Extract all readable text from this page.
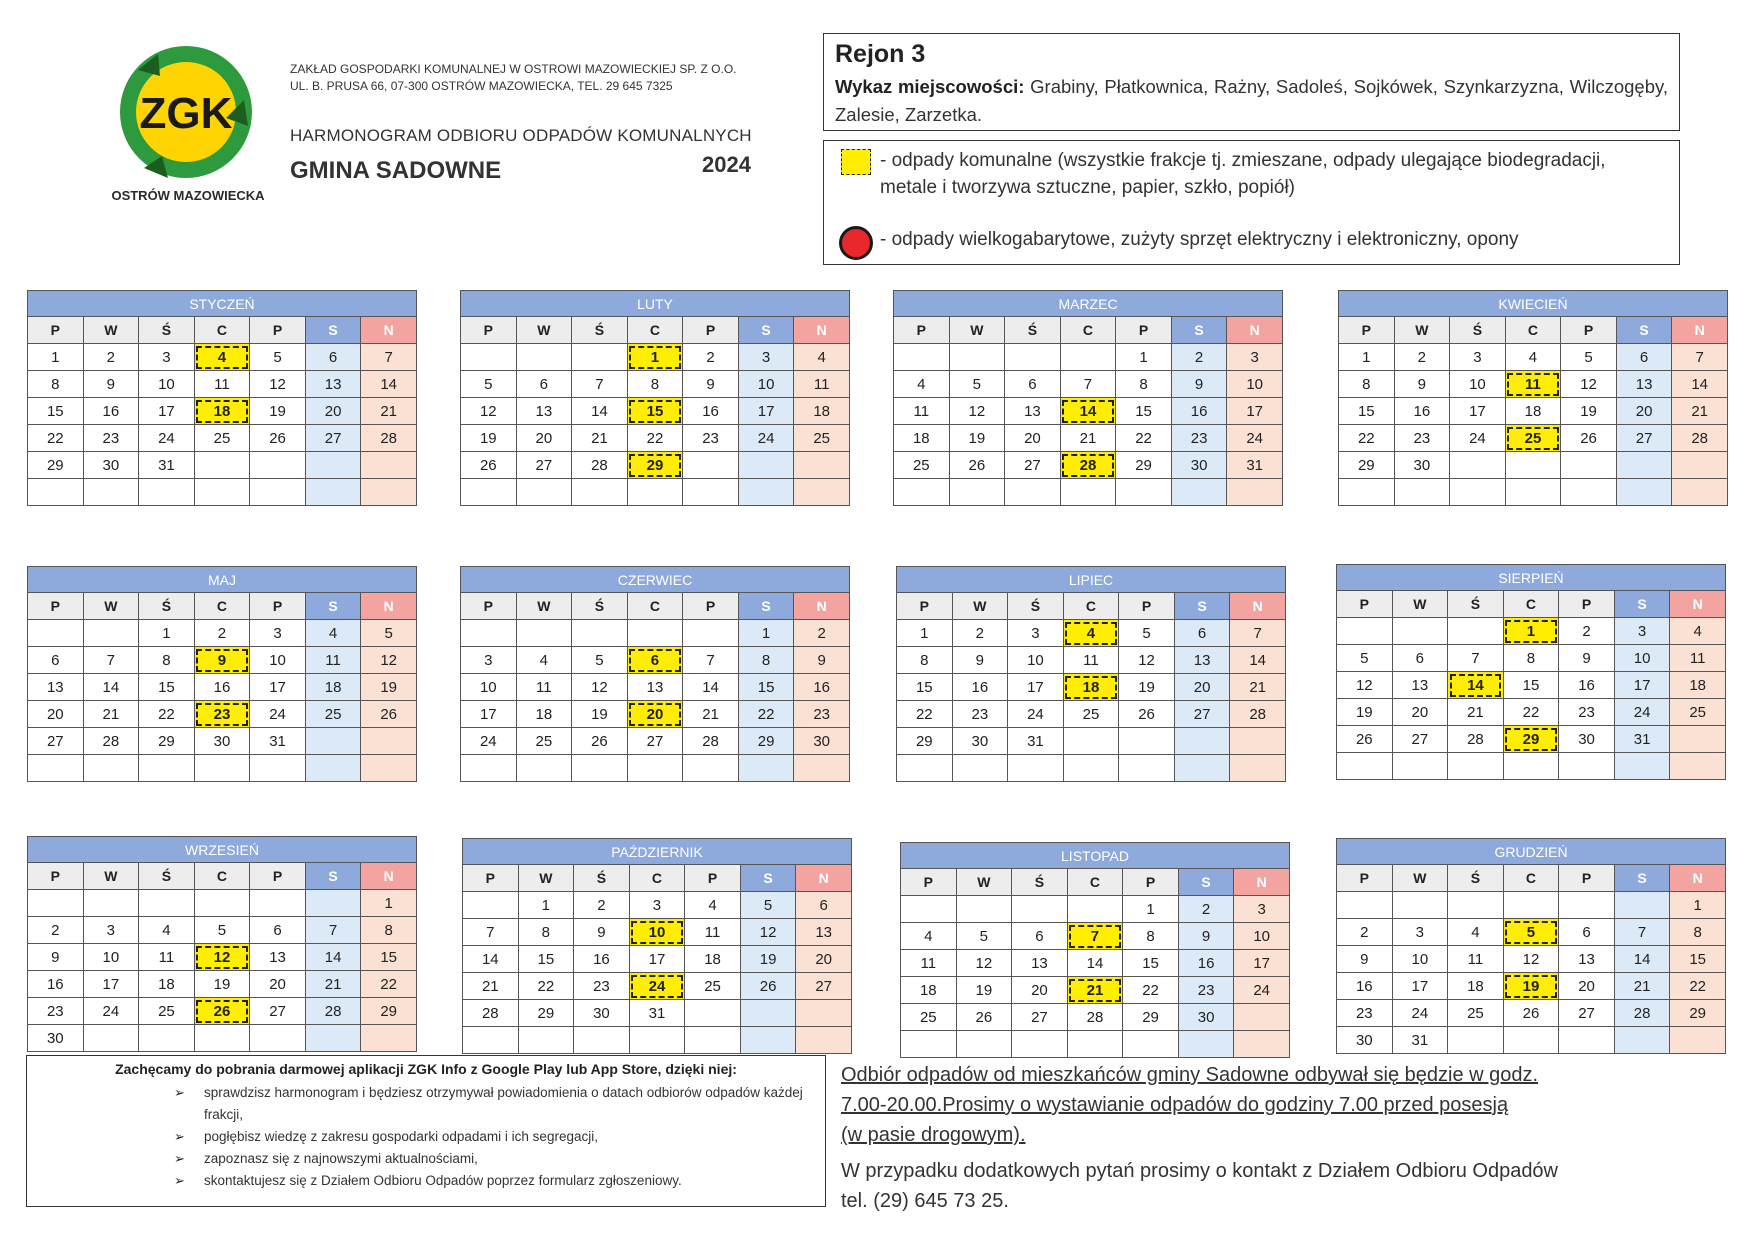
ZGK
OSTRÓW MAZOWIECKA
ZAKŁAD GOSPODARKI KOMUNALNEJ W OSTROWI MAZOWIECKIEJ SP. Z O.O.
UL. B. PRUSA 66, 07-300 OSTRÓW MAZOWIECKA, TEL. 29 645 7325
HARMONOGRAM ODBIORU ODPADÓW KOMUNALNYCH
GMINA SADOWNE	2024
Rejon 3
Wykaz miejscowości: Grabiny, Płatkownica, Rażny, Sadoleś, Sojkówek, Szynkarzyzna, Wilczogęby, Zalesie, Zarzetka.
- odpady komunalne (wszystkie frakcje tj. zmieszane, odpady ulegające biodegradacji, metale i tworzywa sztuczne, papier, szkło, popiół)
- odpady wielkogabarytowe, zużyty sprzęt elektryczny i elektroniczny, opony
STYCZEŃ
P	W	Ś	C	P	S	N
1	2	3	4	5	6	7
8	9	10	11	12	13	14
15	16	17	18	19	20	21
22	23	24	25	26	27	28
29	30	31				

LUTY
P	W	Ś	C	P	S	N
			1	2	3	4
5	6	7	8	9	10	11
12	13	14	15	16	17	18
19	20	21	22	23	24	25
26	27	28	29			

MARZEC
P	W	Ś	C	P	S	N
				1	2	3
4	5	6	7	8	9	10
11	12	13	14	15	16	17
18	19	20	21	22	23	24
25	26	27	28	29	30	31

KWIECIEŃ
P	W	Ś	C	P	S	N
1	2	3	4	5	6	7
8	9	10	11	12	13	14
15	16	17	18	19	20	21
22	23	24	25	26	27	28
29	30					

MAJ
P	W	Ś	C	P	S	N
		1	2	3	4	5
6	7	8	9	10	11	12
13	14	15	16	17	18	19
20	21	22	23	24	25	26
27	28	29	30	31		

CZERWIEC
P	W	Ś	C	P	S	N
					1	2
3	4	5	6	7	8	9
10	11	12	13	14	15	16
17	18	19	20	21	22	23
24	25	26	27	28	29	30

LIPIEC
P	W	Ś	C	P	S	N
1	2	3	4	5	6	7
8	9	10	11	12	13	14
15	16	17	18	19	20	21
22	23	24	25	26	27	28
29	30	31				

SIERPIEŃ
P	W	Ś	C	P	S	N
			1	2	3	4
5	6	7	8	9	10	11
12	13	14	15	16	17	18
19	20	21	22	23	24	25
26	27	28	29	30	31	

WRZESIEŃ
P	W	Ś	C	P	S	N
						1
2	3	4	5	6	7	8
9	10	11	12	13	14	15
16	17	18	19	20	21	22
23	24	25	26	27	28	29
30						
PAŹDZIERNIK
P	W	Ś	C	P	S	N
	1	2	3	4	5	6
7	8	9	10	11	12	13
14	15	16	17	18	19	20
21	22	23	24	25	26	27
28	29	30	31			

LISTOPAD
P	W	Ś	C	P	S	N
				1	2	3
4	5	6	7	8	9	10
11	12	13	14	15	16	17
18	19	20	21	22	23	24
25	26	27	28	29	30	

GRUDZIEŃ
P	W	Ś	C	P	S	N
						1
2	3	4	5	6	7	8
9	10	11	12	13	14	15
16	17	18	19	20	21	22
23	24	25	26	27	28	29
30	31					
Zachęcamy do pobrania darmowej aplikacji ZGK Info z Google Play lub App Store, dzięki niej:
➢ sprawdzisz harmonogram i będziesz otrzymywał powiadomienia o datach odbiorów odpadów każdej frakcji,
➢ pogłębisz wiedzę z zakresu gospodarki odpadami i ich segregacji,
➢ zapoznasz się z najnowszymi aktualnościami,
➢ skontaktujesz się z Działem Odbioru Odpadów poprzez formularz zgłoszeniowy.

Odbiór odpadów od mieszkańców gminy Sadowne odbywał się będzie w godz.

7.00-20.00.Prosimy o wystawianie odpadów do godziny 7.00 przed posesją

(w pasie drogowym).

W przypadku dodatkowych pytań prosimy o kontakt z Działem Odbioru Odpadów

tel. (29) 645 73 25.
